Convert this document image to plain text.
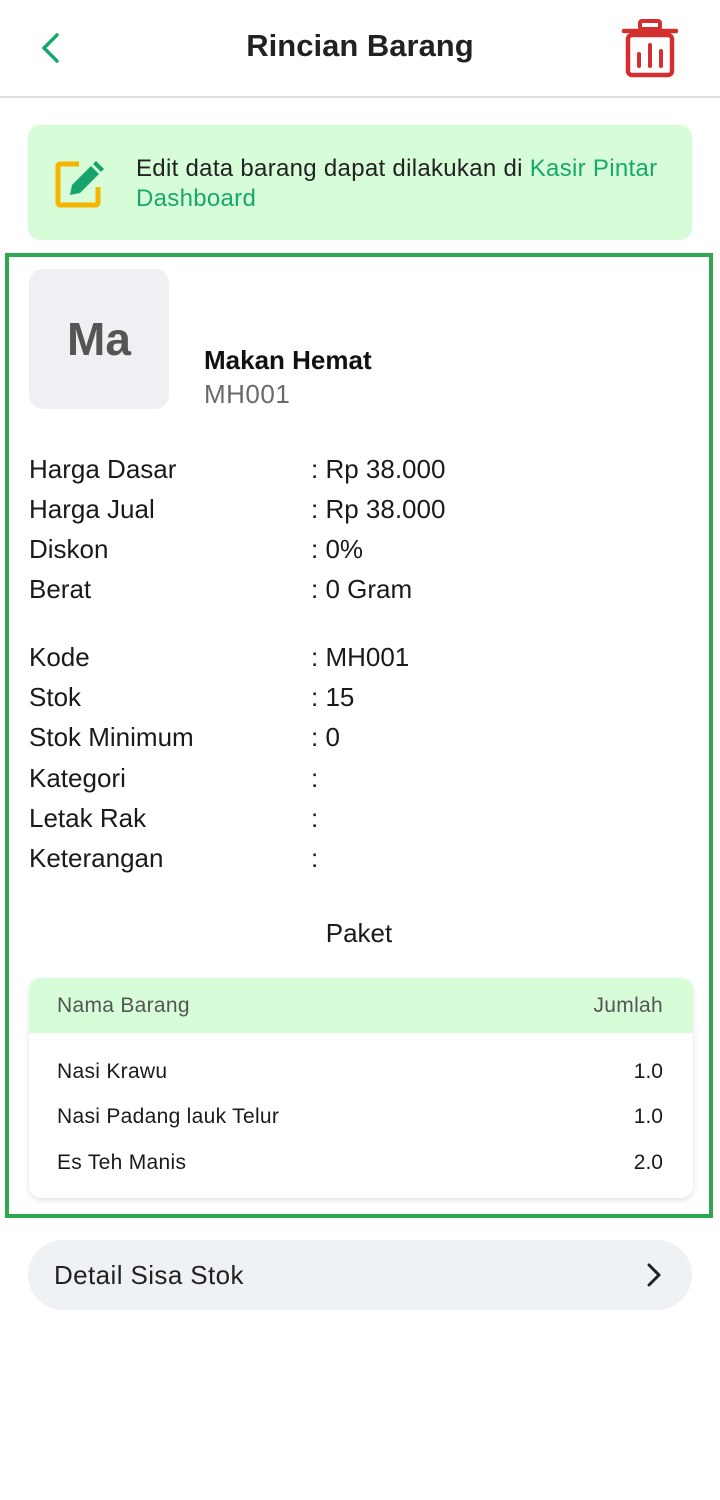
Rincian Barang
Edit data barang dapat dilakukan di Kasir Pintar Dashboard
Ma	Makan Hemat
MH001
Harga Dasar	: Rp 38.000
Harga Jual	: Rp 38.000
Diskon	: 0%
Berat	: 0 Gram
Kode	: MH001
Stok	: 15
Stok Minimum	: 0
Kategori	:
Letak Rak	:
Keterangan	:
Paket
Nama Barang	Jumlah
Nasi Krawu	1.0
Nasi Padang lauk Telur	1.0
Es Teh Manis	2.0
Detail Sisa Stok
